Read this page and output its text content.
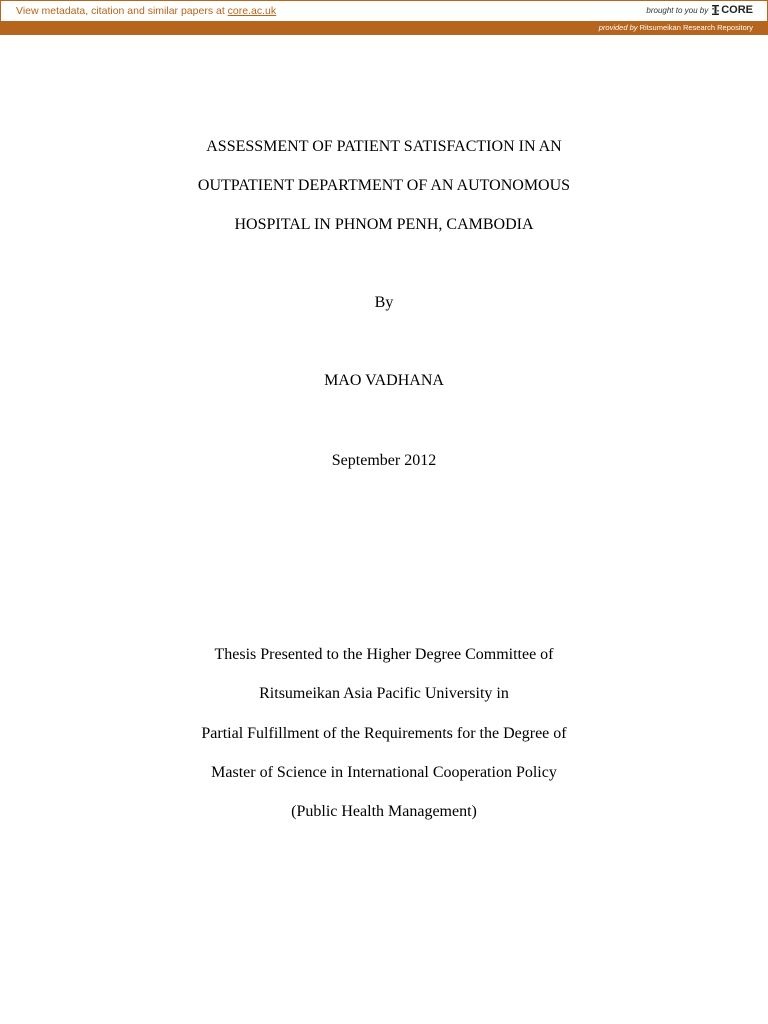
View metadata, citation and similar papers at core.ac.uk	brought to you by CORE
provided by Ritsumeikan Research Repository
ASSESSMENT OF PATIENT SATISFACTION IN AN
OUTPATIENT DEPARTMENT OF AN AUTONOMOUS
HOSPITAL IN PHNOM PENH, CAMBODIA
By
MAO VADHANA
September 2012
Thesis Presented to the Higher Degree Committee of
Ritsumeikan Asia Pacific University in
Partial Fulfillment of the Requirements for the Degree of
Master of Science in International Cooperation Policy
(Public Health Management)
